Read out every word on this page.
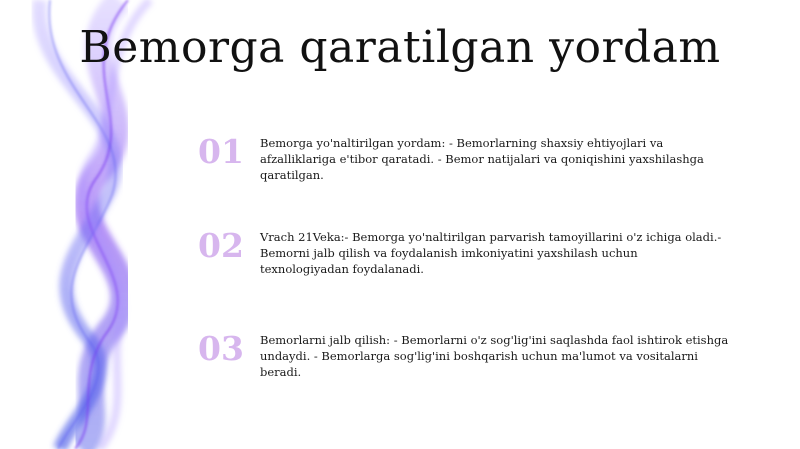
Bemorga qaratilgan yordam
01 Bemorga yo'naltirilgan yordam: - Bemorlarning shaxsiy ehtiyojlari va afzalliklariga e'tibor qaratadi. - Bemor natijalari va qoniqishini yaxshilashga qaratilgan.
02 Vrach 21Veka:- Bemorga yo'naltirilgan parvarish tamoyillarini o'z ichiga oladi.- Bemorni jalb qilish va foydalanish imkoniyatini yaxshilash uchun texnologiyadan foydalanadi.
03 Bemorlarni jalb qilish: - Bemorlarni o'z sog'lig'ini saqlashda faol ishtirok etishga undaydi. - Bemorlarga sog'lig'ini boshqarish uchun ma'lumot va vositalarni beradi.
